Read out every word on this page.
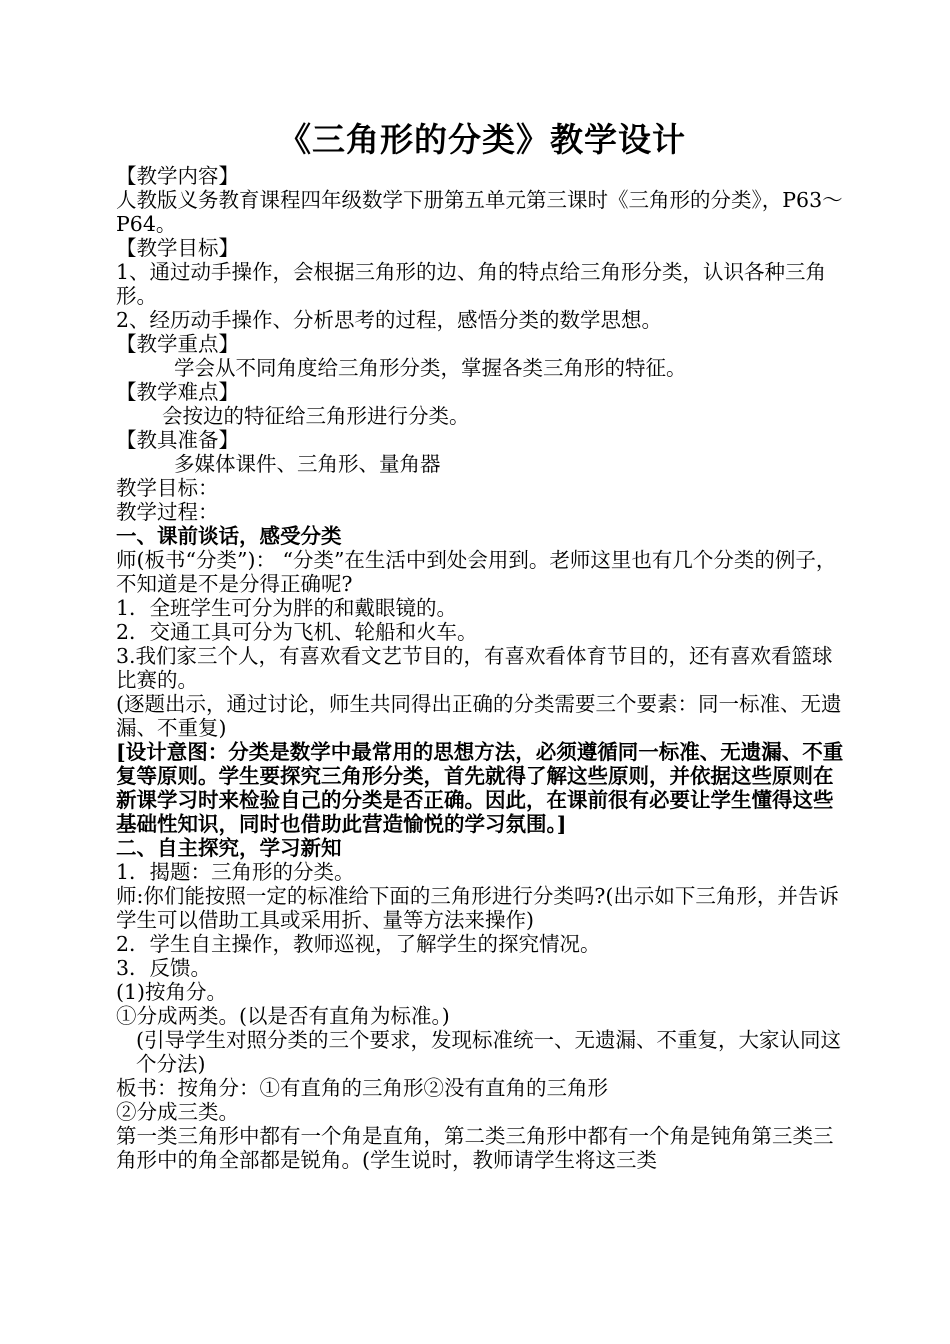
《三角形的分类》教学设计

【教学内容】

人教版义务教育课程四年级数学下册第五单元第三课时《三角形的分类》，P63～P64。

【教学目标】

1、通过动手操作，会根据三角形的边、角的特点给三角形分类，认识各种三角形。

2、经历动手操作、分析思考的过程，感悟分类的数学思想。

【教学重点】

学会从不同角度给三角形分类，掌握各类三角形的特征。

【教学难点】

会按边的特征给三角形进行分类。

【教具准备】

多媒体课件、三角形、量角器

教学目标：

教学过程：

一、课前谈话，感受分类

师(板书“分类”)： “分类”在生活中到处会用到。老师这里也有几个分类的例子，不知道是不是分得正确呢?

1．全班学生可分为胖的和戴眼镜的。

2．交通工具可分为飞机、轮船和火车。

3.我们家三个人，有喜欢看文艺节目的，有喜欢看体育节目的，还有喜欢看篮球比赛的。

(逐题出示，通过讨论，师生共同得出正确的分类需要三个要素：同一标准、无遗漏、不重复)

[设计意图：分类是数学中最常用的思想方法，必须遵循同一标准、无遗漏、不重复等原则。学生要探究三角形分类，首先就得了解这些原则，并依据这些原则在新课学习时来检验自己的分类是否正确。因此，在课前很有必要让学生懂得这些基础性知识，同时也借助此营造愉悦的学习氛围。]

二、自主探究，学习新知

1．揭题：三角形的分类。

师:你们能按照一定的标准给下面的三角形进行分类吗?(出示如下三角形，并告诉学生可以借助工具或采用折、量等方法来操作)

2．学生自主操作，教师巡视，了解学生的探究情况。

3．反馈。

(1)按角分。

①分成两类。(以是否有直角为标准。)

(引导学生对照分类的三个要求，发现标准统一、无遗漏、不重复，大家认同这个分法)

板书：按角分：①有直角的三角形②没有直角的三角形

②分成三类。

第一类三角形中都有一个角是直角，第二类三角形中都有一个角是钝角第三类三角形中的角全部都是锐角。(学生说时，教师请学生将这三类
